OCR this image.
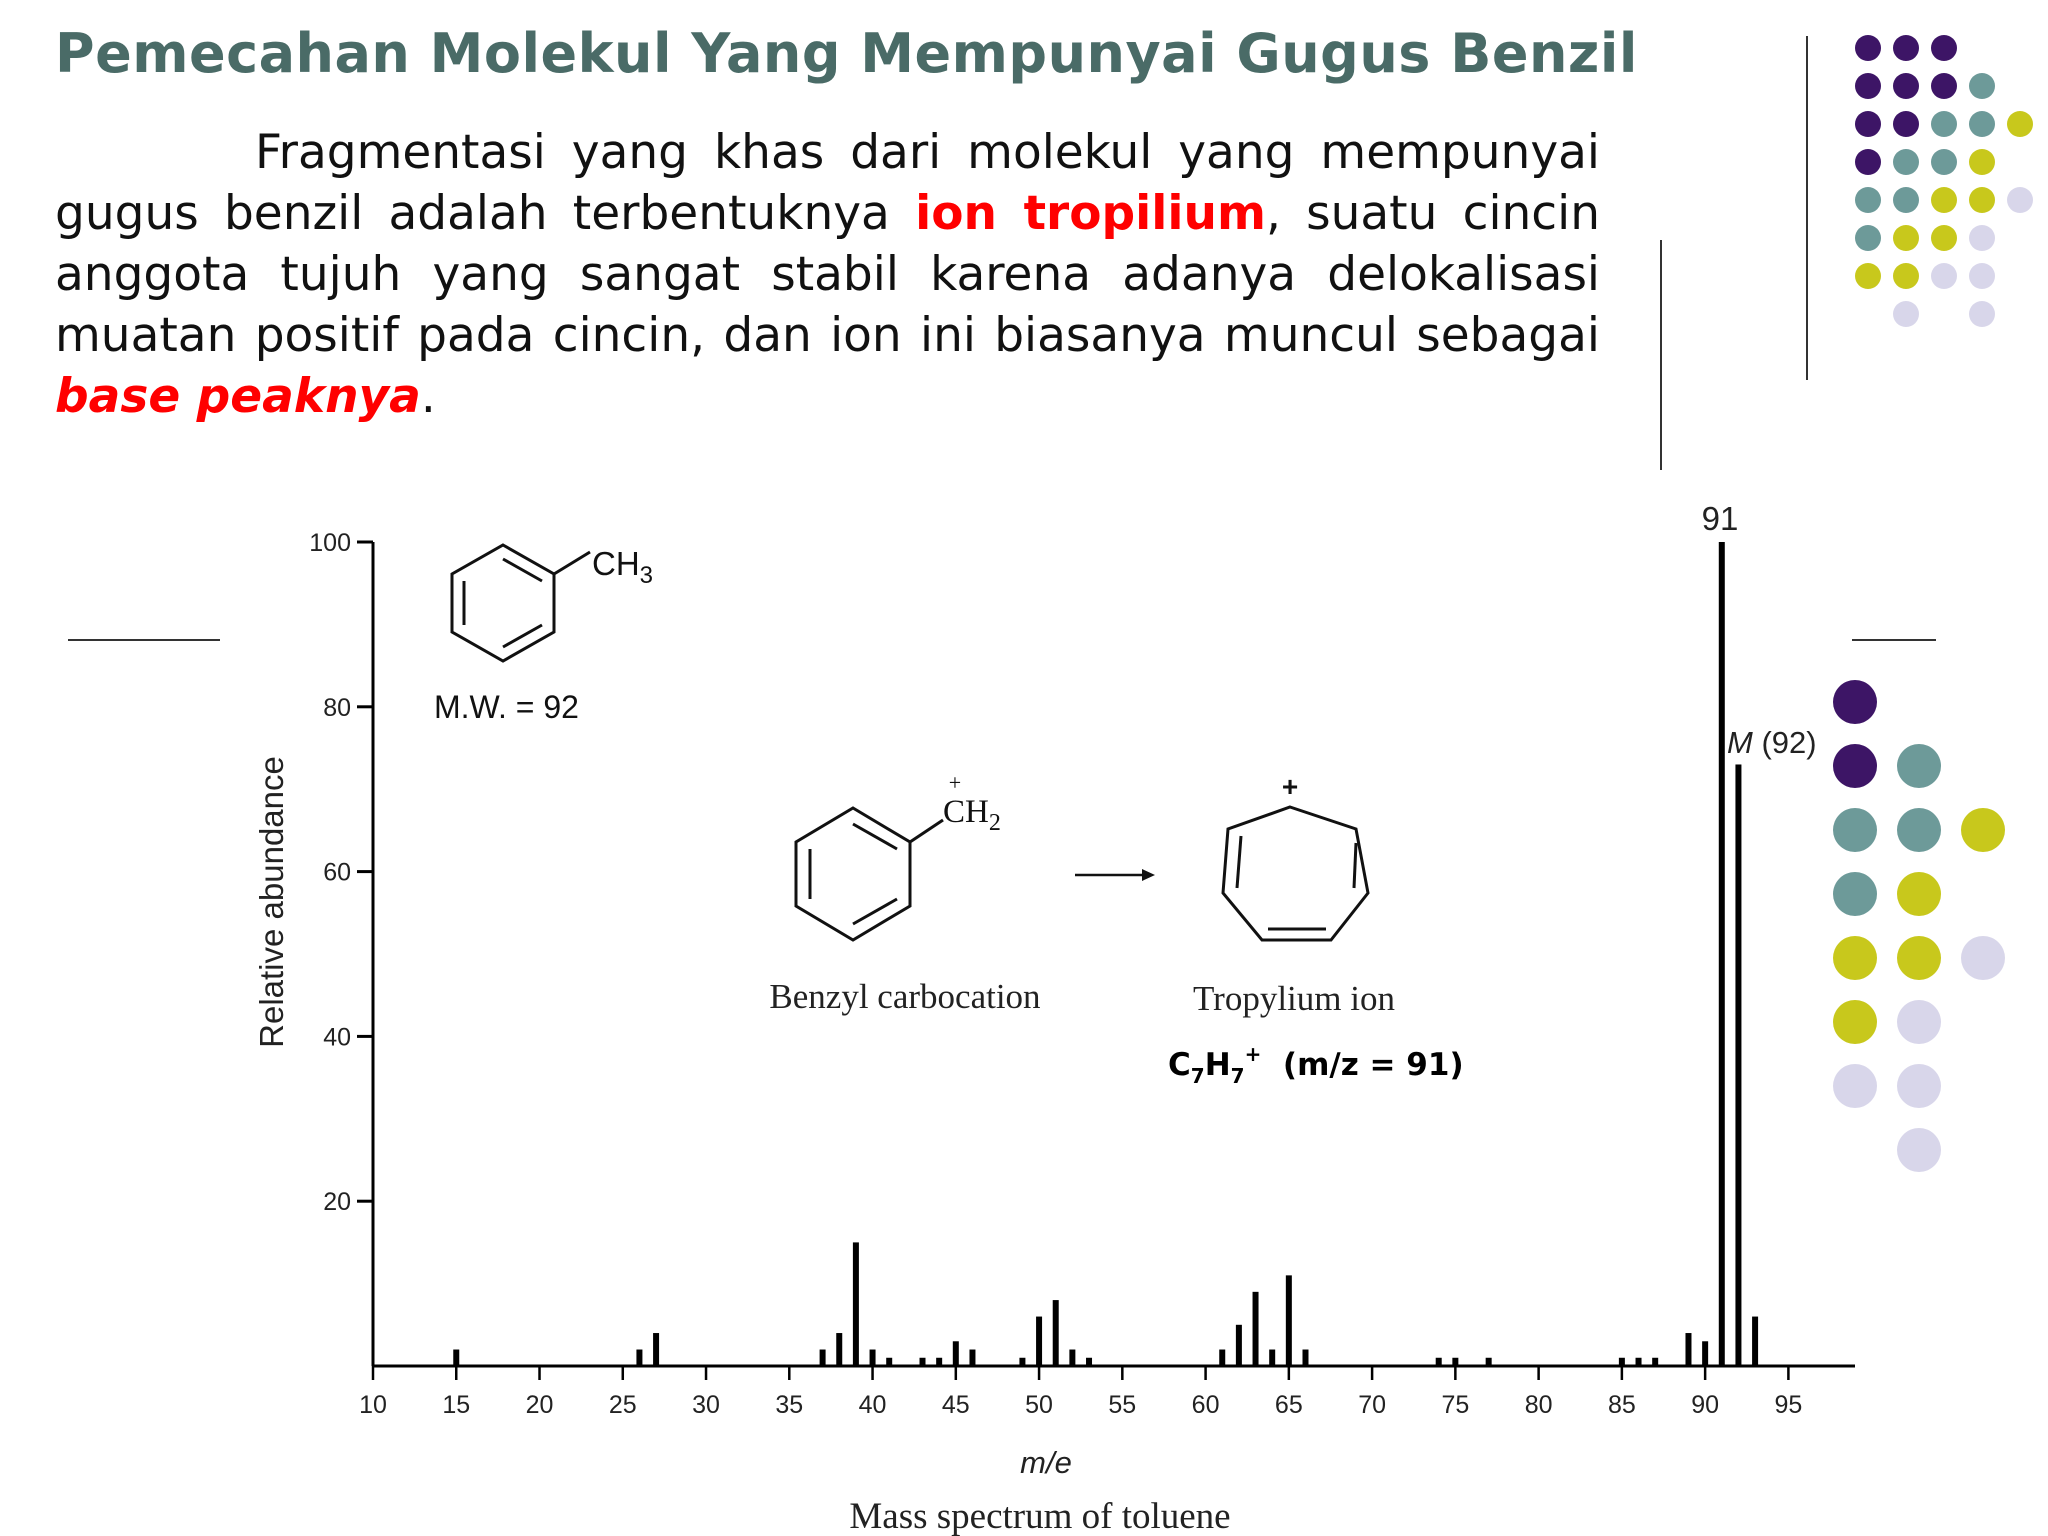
Pemecahan Molekul Yang Mempunyai Gugus Benzil
Fragmentasi yang khas dari molekul yang mempunyai gugus benzil adalah terbentuknya ion tropilium, suatu cincin anggota tujuh yang sangat stabil karena adanya delokalisasi muatan positif pada cincin, dan ion ini biasanya muncul sebagai base peaknya.
20
40
60
80
100
10 15 20 25 30 35 40 45 50 55 60 65 70 75 80 85 90 95
Relative abundance
m/e
Mass spectrum of toluene
91
M (92)
$CH_3$
M.W. = 92
+
$CH_2$
+
Benzyl carbocation	Tropylium ion
$C_7H_7^+$  (m/z = 91)
